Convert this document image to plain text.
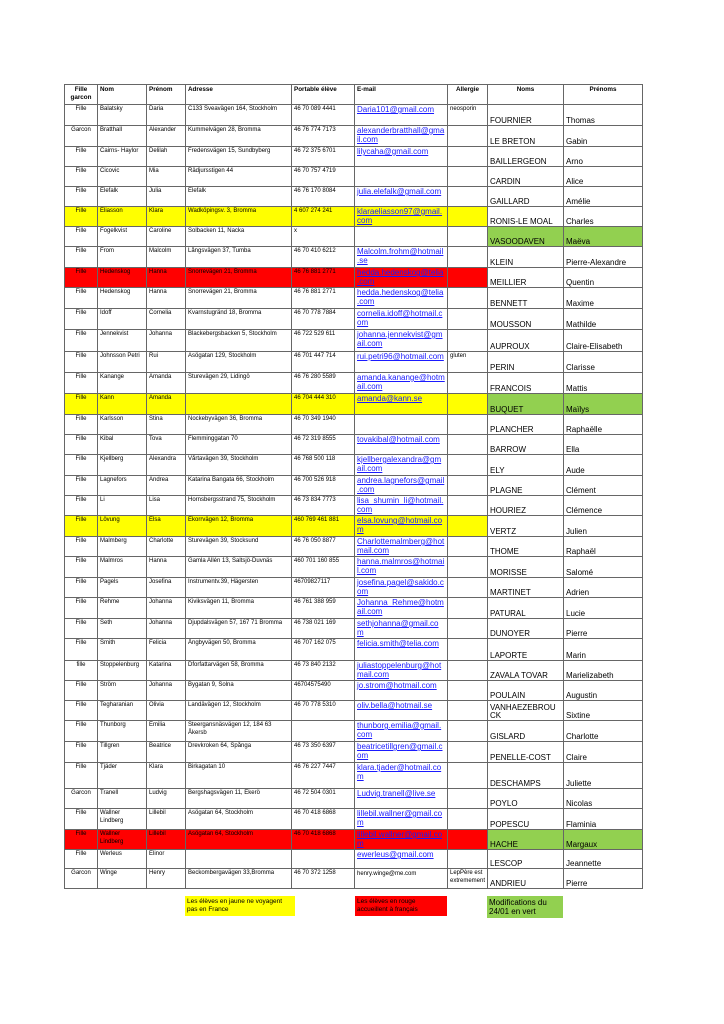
Fille garcon	Nom	Prénom	Adresse	Portable élève	E-mail	Allergie	Noms	Prénoms
Fille	Balatsky	Daria	C133 Sveavägen 164, Stockholm	46 70 089 4441	Daria101@gmail.com	neosporin	FOURNIER	Thomas
Garcon	Bratthall	Alexander	Kummelvägen 28, Bromma	46 76 774 7173	alexanderbratthall@gmail.com		LE BRETON	Gabin
Fille	Cairns- Haylor	Delilah	Fredensvägen 15, Sundbyberg	46 72 375 6701	lilycaha@gmail.com		BAILLERGEON	Arno
Fille	Cicovic	Mia	Rädjursstigen 44	46 70 757 4719			CARDIN	Alice
Fille	Elefalk	Julia	Elefalk	46 76 170 8084	julia.elefalk@gmail.com		GAILLARD	Amélie
Fille	Eliasson	Klara	Wadköpingsv. 3, Bromma	4 607 274 241	klaraeliasson97@gmail.com		RONIS-LE MOAL	Charles
Fille	Fogelkvist	Caroline	Solbacken 11, Nacka	x			VASOODAVEN	Maëva
Fille	From	Malcolm	Långsvägen 37, Tumba	46 70 410 6212	Malcolm.frohm@hotmail.se		KLEIN	Pierre-Alexandre
Fille	Hedenskog	Hanna	Snorrevägen 21, Bromma	46 76 881 2771	hedda.hedenskog@telia.com		MEILLIER	Quentin
Fille	Hedenskog	Hanna	Snorrevägen 21, Bromma	46 76 881 2771	hedda.hedenskog@telia.com		BENNETT	Maxime
Fille	Idoff	Cornelia	Kvarnstugränd 18, Bromma	46 70 778 7884	cornelia.idoff@hotmail.com		MOUSSON	Mathilde
Fille	Jennekvist	Johanna	Blackebergsbacken 5, Stockholm	46 722 529 611	johanna.jennekvist@gmail.com		AUPROUX	Claire-Elisabeth
Fille	Johnsson Petri	Rui	Asögatan 129, Stockholm	46 701 447 714	rui.petri96@hotmail.com	gluten	PERIN	Clarisse
Fille	Kanange	Amanda	Sturevägen 29, Lidingö	46 76 280 5589	amanda.kanange@hotmail.com		FRANCOIS	Mattis
Fille	Kann	Amanda		46 704 444 310	amanda@kann.se		BUQUET	Maïlys
Fille	Karlsson	Stina	Nockebyvägen 36, Bromma	46 70 349 1940			PLANCHER	Raphaëlle
Fille	Kibal	Tova	Flemminggatan 70	46 72 319 8555	tovakibal@hotmail.com		BARROW	Ella
Fille	Kjellberg	Alexandra	Vårtavägen 39, Stockholm	46 768 500 118	kjellbergalexandra@gmail.com		ELY	Aude
Fille	Lagnefors	Andrea	Katarina Bangata 66, Stockholm	46 700 526 918	andrea.lagnefors@gmail.com		PLAGNE	Clément
Fille	Li	Lisa	Hornsbergsstrand 75, Stockholm	46 73 834 7773	lisa_shumin_li@hotmail.com		HOURIEZ	Clémence
Fille	Lövung	Elsa	Ekorrvägen 12, Bromma	460 769 461 881	elsa.lovung@hotmail.com		VERTZ	Julien
Fille	Malmberg	Charlotte	Sturevägen 39, Stocksund	46 76 050 8877	Charlottemalmberg@hotmail.com		THOME	Raphaël
Fille	Malmros	Hanna	Gamla Allén 13, Saltsjö-Duvnäs	460 701 160 855	hanna.malmros@hotmail.com		MORISSE	Salomé
Fille	Pagels	Josefina	Instrumentv.39, Hägersten	46709827117	josefina.pagel@sakido.com		MARTINET	Adrien
Fille	Rehme	Johanna	Kiviksvägen 11, Bromma	46 761 388 959	Johanna_Rehme@hotmail.com		PATURAL	Lucie
Fille	Seth	Johanna	Djupdalsvägen 57, 167 71 Bromma	46 738 021 169	sethjohanna@gmail.com		DUNOYER	Pierre
Fille	Smith	Felicia	Ångbyvägen 50, Bromma	46 707 162 075	felicia.smith@telia.com		LAPORTE	Marin
fille	Stoppelenburg	Katarina	Dforfattarvägen 58, Bromma	46 73 840 2132	juliastoppelenburg@hotmail.com		ZAVALA TOVAR	Marielizabeth
Fille	Ström	Johanna	Bygatan 9, Solna	46704575490	jo.strom@hotmail.com		POULAIN	Augustin
Fille	Tegharanian	Olivia	Landävägen 12, Stockholm	46 70 778 5310	oliv.bella@hotmail.se		VANHAEZEBROUCK	Sixtine
Fille	Thunborg	Emilia	Steergansnäsvägen 12, 184 63 Åkersb		thunborg.emilia@gmail.com		GISLARD	Charlotte
Fille	Tillgren	Beatrice	Drevkroken 64, Spånga	46 73 350 6397	beatricetillgren@gmail.com		PENELLE-COST	Claire
Fille	Tjäder	Klara	Birkagatan 10	46 76 227 7447	klara.tjader@hotmail.com		DESCHAMPS	Juliette
Garcon	Tranell	Ludvig	Bergshagsvägen 11, Ekerö	46 72 504 0301	Ludvig.tranell@live.se		POYLO	Nicolas
Fille	Wallner Lindberg	Lillebil	Asögatan 64, Stockholm	46 70 418 6868	lillebil.wallner@gmail.com		POPESCU	Flaminia
Fille	Wallner Lindberg	Lillebil	Asögatan 64, Stockholm	46 70 418 6868	lillebil.wallner@gmail.com		HACHE	Margaux
Fille	Werleus	Elinor			ewerleus@gmail.com		LESCOP	Jeannette
Garcon	Winge	Henry	Beckombergavägen 33,Bromma	46 70 372 1258	henry.winge@me.com	LepPère est extremement	ANDRIEU	Pierre
Les élèves en jaune ne voyagent pas en France
Les élèves en rouge accueillent à français
Modifications du 24/01 en vert
